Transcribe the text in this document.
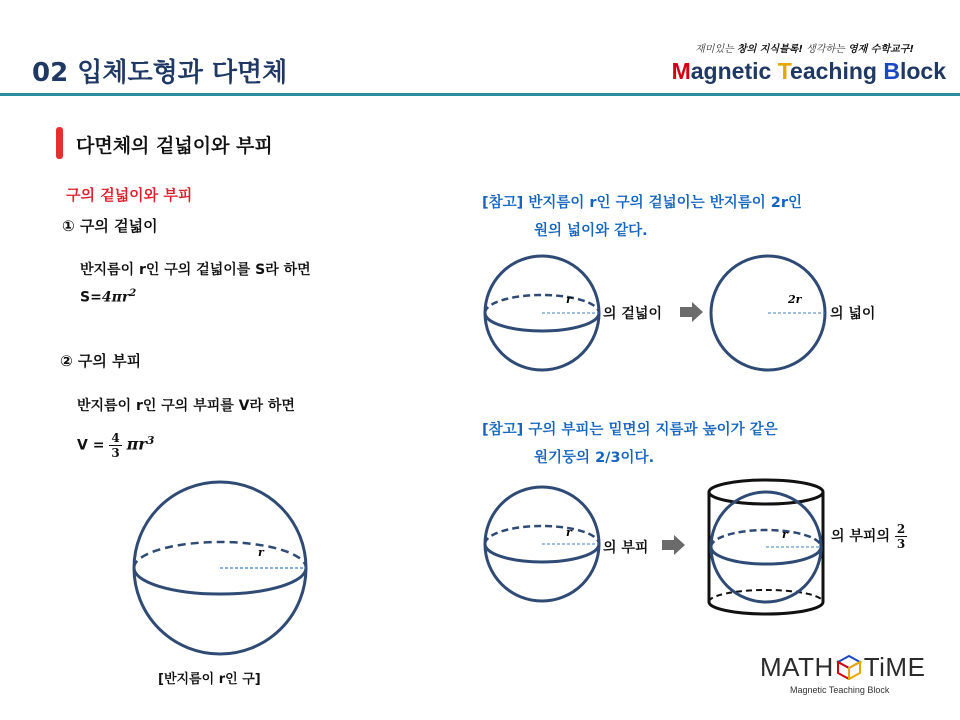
02 입체도형과 다면체
재미있는 창의 지식블록! 생각하는 영재 수학교구!
Magnetic Teaching Block
다면체의 겉넓이와 부피
구의 겉넓이와 부피
① 구의 겉넓이
반지름이 r인 구의 겉넓이를 S라 하면
$S=4\pi r^2$
② 구의 부피
반지름이 r인 구의 부피를 V라 하면
$V = \frac{4}{3} \pi r^3$
r
[반지름이 r인 구]
[참고] 반지름이 r인 구의 겉넓이는 반지름이 2r인
원의 넓이와 같다.
r
의 겉넓이
2r
의 넓이
[참고] 구의 부피는 밑면의 지름과 높이가 같은
원기둥의 2/3이다.
r
의 부피
r	의 부피의 $\frac{2}{3}$
MATH TiME
Magnetic Teaching Block
